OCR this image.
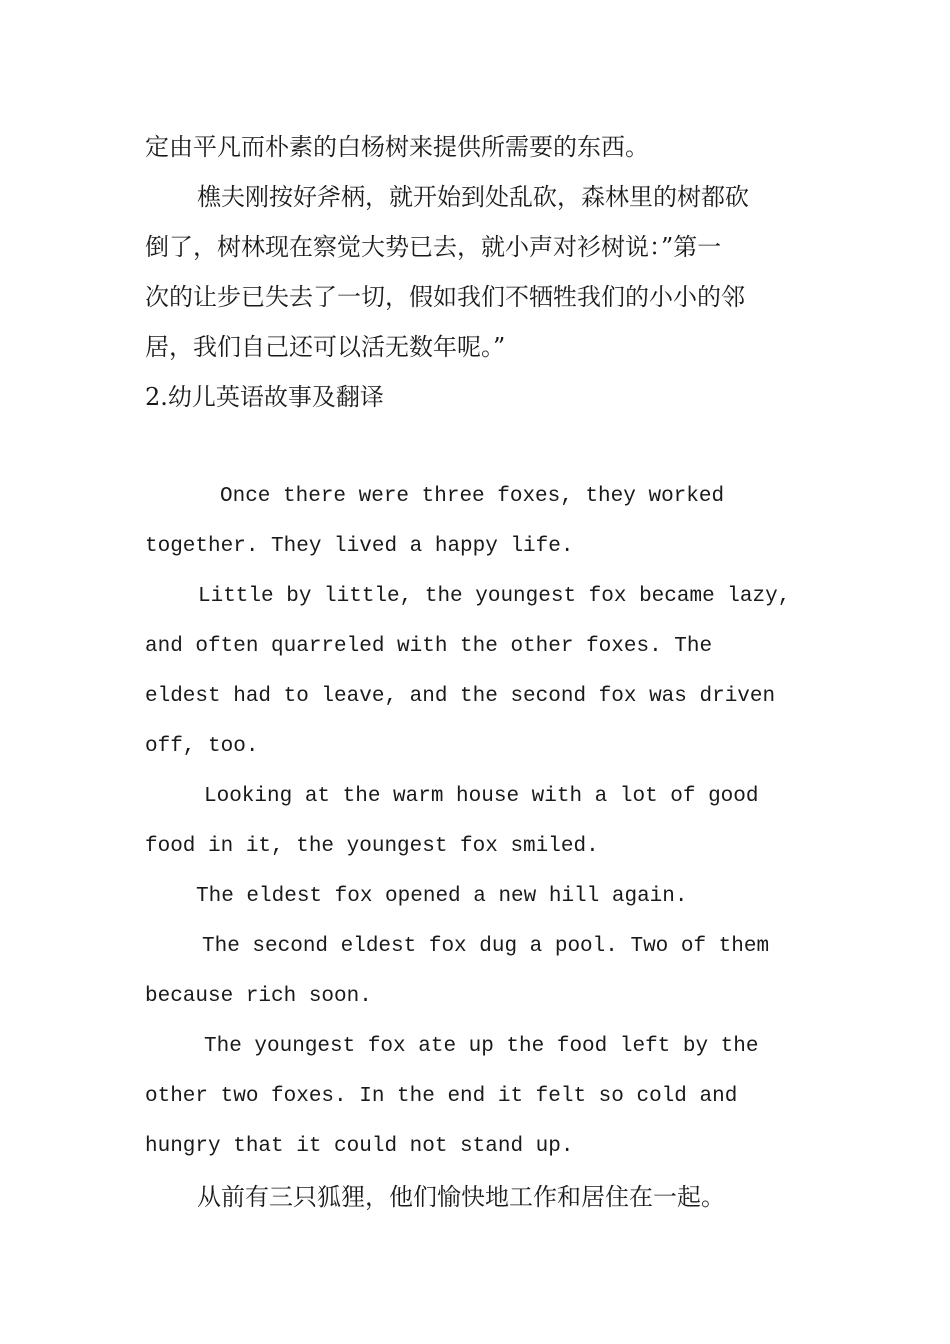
定由平凡而朴素的白杨树来提供所需要的东西。

樵夫刚按好斧柄，就开始到处乱砍，森林里的树都砍
倒了，树林现在察觉大势已去，就小声对衫树说：”第一
次的让步已失去了一切，假如我们不牺牲我们的小小的邻
居，我们自己还可以活无数年呢。”

2.幼儿英语故事及翻译

Once there were three foxes, they worked
together. They lived a happy life.

Little by little, the youngest fox became lazy,
and often quarreled with the other foxes. The
eldest had to leave, and the second fox was driven
off, too.

Looking at the warm house with a lot of good
food in it, the youngest fox smiled.

The eldest fox opened a new hill again.

The second eldest fox dug a pool. Two of them
because rich soon.

The youngest fox ate up the food left by the
other two foxes. In the end it felt so cold and
hungry that it could not stand up.

从前有三只狐狸，他们愉快地工作和居住在一起。
